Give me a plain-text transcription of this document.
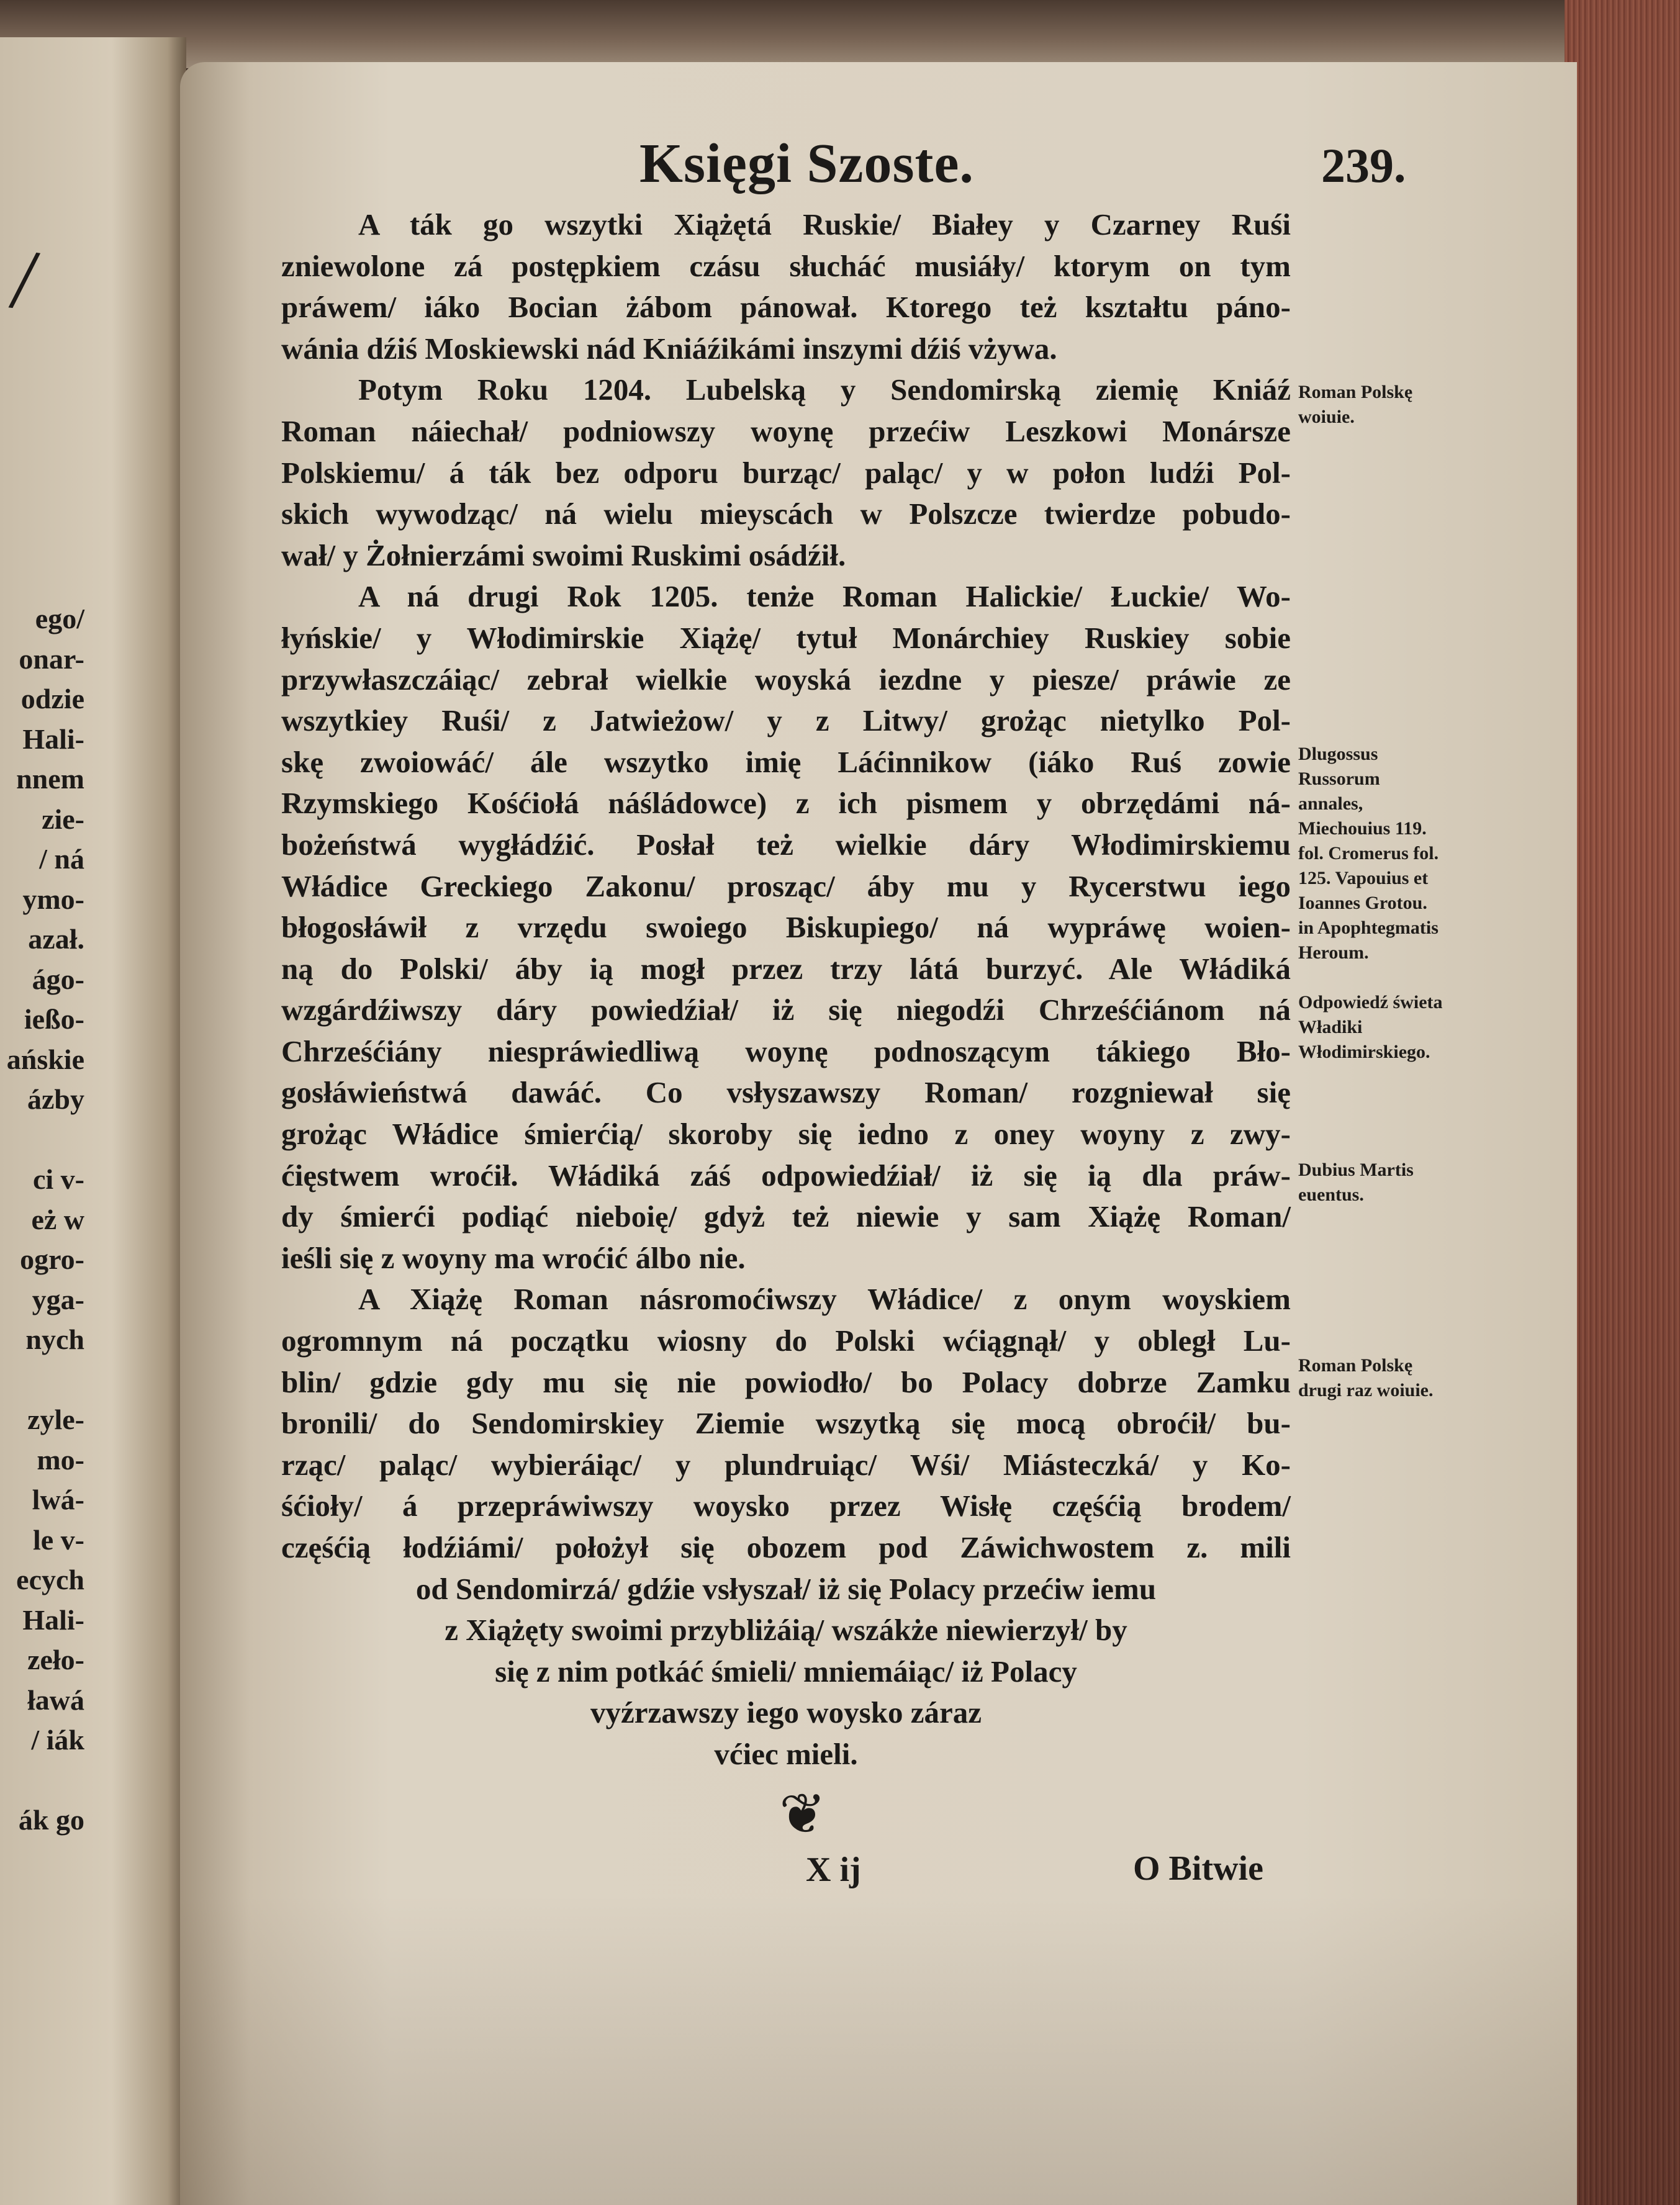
/
ego/
onar-
odzie
Hali-
nnem
zie-
/ ná
ymo-
azał.
ágo-
ießo-
ańskie
ázby
ci v-
eż w
ogro-
yga-
nych
zyle-
mo-
lwá-
le v-
ecych
Hali-
zeło-
ławá
/ iák
ák go
Księgi Szoste.	239.
A ták go wszytki Xiążętá Ruskie/ Białey y Czarney Ruśi
zniewolone zá postępkiem czásu słucháć musiáły/ ktorym on tym
práwem/ iáko Bocian żábom pánował. Ktorego też kształtu páno-
wánia dźiś Moskiewski nád Kniáźikámi inszymi dźiś vżywa.
Potym Roku 1204. Lubelską y Sendomirską ziemię Kniáź
Roman náiechał/ podniowszy woynę przećiw Leszkowi Monársze
Polskiemu/ á ták bez odporu burząc/ paląc/ y w połon ludźi Pol-
skich wywodząc/ ná wielu mieyscách w Polszcze twierdze pobudo-
wał/ y Żołnierzámi swoimi Ruskimi osádźił.
A ná drugi Rok 1205. tenże Roman Halickie/ Łuckie/ Wo-
łyńskie/ y Włodimirskie Xiążę/ tytuł Monárchiey Ruskiey sobie
przywłaszczáiąc/ zebrał wielkie woyská iezdne y piesze/ práwie ze
wszytkiey Ruśi/ z Jatwieżow/ y z Litwy/ grożąc nietylko Pol-
skę zwoiowáć/ ále wszytko imię Láćinnikow (iáko Ruś zowie
Rzymskiego Kośćiołá náśládowce) z ich pismem y obrzędámi ná-
bożeństwá wygłádźić. Posłał też wielkie dáry Włodimirskiemu
Włádice Greckiego Zakonu/ prosząc/ áby mu y Rycerstwu iego
błogosłáwił z vrzędu swoiego Biskupiego/ ná wypráwę woien-
ną do Polski/ áby ią mogł przez trzy látá burzyć. Ale Włádiká
wzgárdźiwszy dáry powiedźiał/ iż się niegodźi Chrześćiánom ná
Chrześćiány niespráwiedliwą woynę podnoszącym tákiego Bło-
gosłáwieństwá dawáć. Co vsłyszawszy Roman/ rozgniewał się
grożąc Włádice śmierćią/ skoroby się iedno z oney woyny z zwy-
ćięstwem wroćił. Włádiká záś odpowiedźiał/ iż się ią dla práw-
dy śmierći podiąć nieboię/ gdyż też niewie y sam Xiążę Roman/
ieśli się z woyny ma wroćić álbo nie.
A Xiążę Roman násromoćiwszy Włádice/ z onym woyskiem
ogromnym ná początku wiosny do Polski wćiągnął/ y obległ Lu-
blin/ gdzie gdy mu się nie powiodło/ bo Polacy dobrze Zamku
bronili/ do Sendomirskiey Ziemie wszytką się mocą obroćił/ bu-
rząc/ paląc/ wybieráiąc/ y plundruiąc/ Wśi/ Miásteczká/ y Ko-
śćioły/ á przepráwiwszy woysko przez Wisłę częśćią brodem/
częśćią łodźiámi/ położył się obozem pod Záwichwostem z. mili
od Sendomirzá/ gdźie vsłyszał/ iż się Polacy przećiw iemu
z Xiążęty swoimi przybliżáią/ wszákże niewierzył/ by
się z nim potkáć śmieli/ mniemáiąc/ iż Polacy
vyźrzawszy iego woysko záraz
vćiec mieli.
Roman Polskę woiuie.
Dlugossus Russorum annales, Miechouius 119. fol. Cromerus fol. 125. Vapouius et Ioannes Grotou. in Apophtegmatis Heroum.
Odpowiedź świeta Władiki Włodimirskiego.
Dubius Martis euentus.
Roman Polskę drugi raz woiuie.
❦
X ij	O Bitwie
